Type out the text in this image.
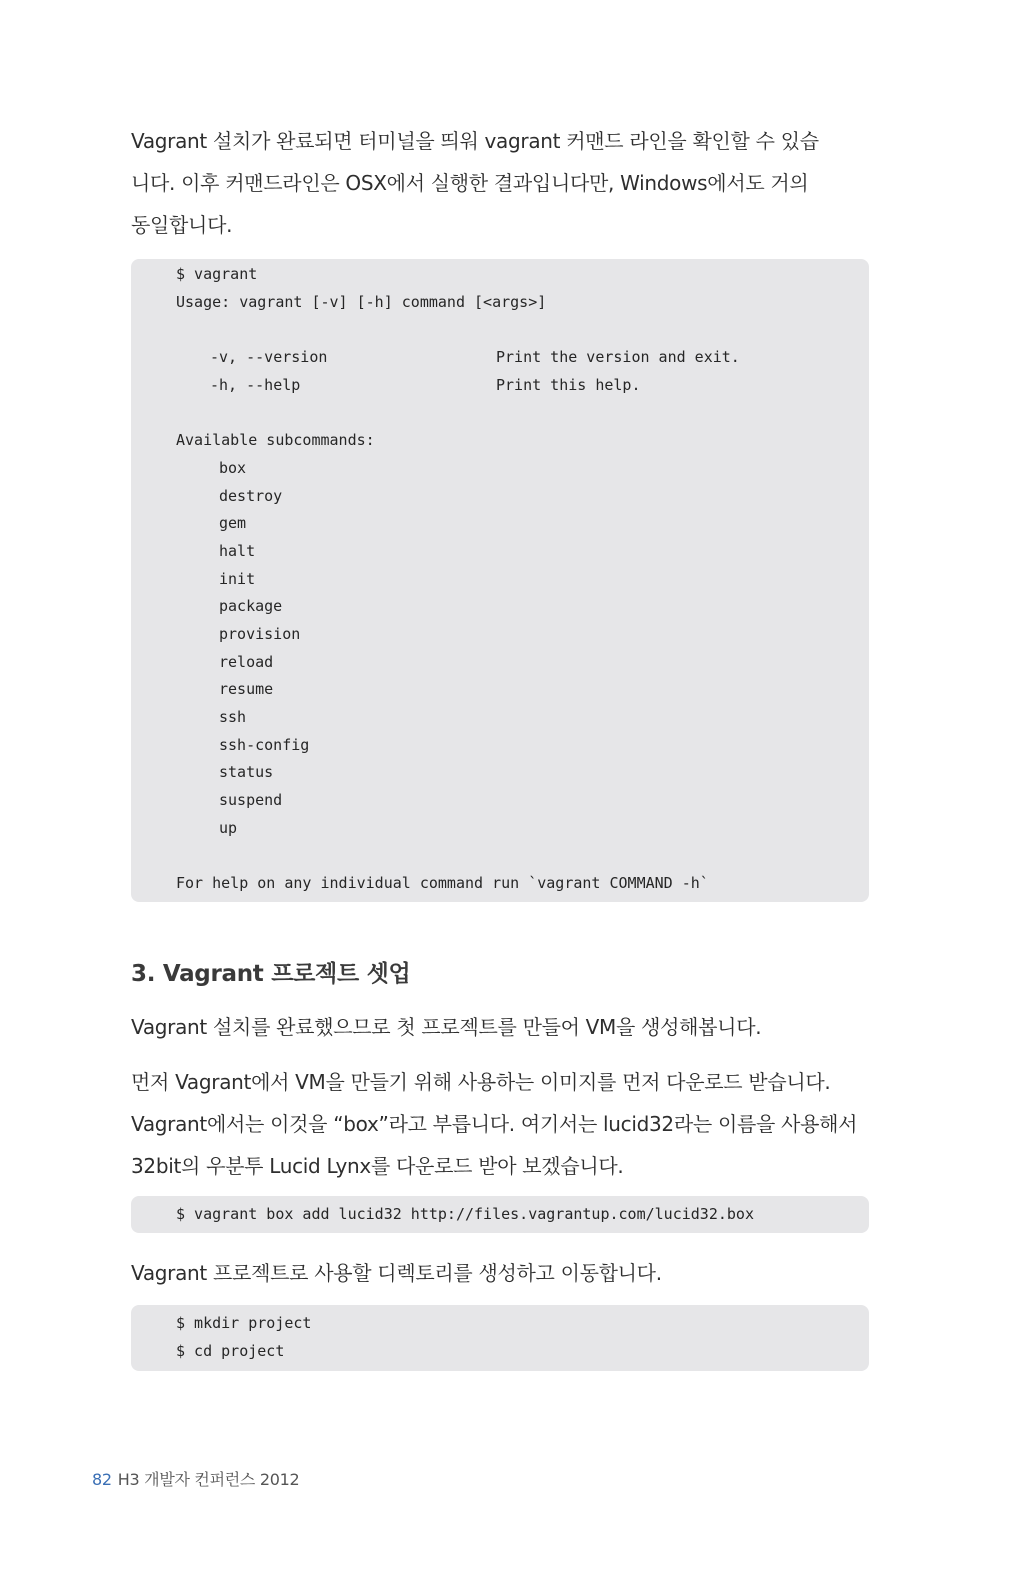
Vagrant 설치가 완료되면 터미널을 띄워 vagrant 커맨드 라인을 확인할 수 있습
니다. 이후 커맨드라인은 OSX에서 실행한 결과입니다만, Windows에서도 거의
동일합니다.

$ vagrant
Usage: vagrant [-v] [-h] command [<args>]

-v, --version	Print the version and exit.
-h, --help	Print this help.

Available subcommands:
box
destroy
gem
halt
init
package
provision
reload
resume
ssh
ssh-config
status
suspend
up

For help on any individual command run `vagrant COMMAND -h`
3. Vagrant 프로젝트 셋업

Vagrant 설치를 완료했으므로 첫 프로젝트를 만들어 VM을 생성해봅니다.

먼저 Vagrant에서 VM을 만들기 위해 사용하는 이미지를 먼저 다운로드 받습니다.
Vagrant에서는 이것을 “box”라고 부릅니다. 여기서는 lucid32라는 이름을 사용해서
32bit의 우분투 Lucid Lynx를 다운로드 받아 보겠습니다.

$ vagrant box add lucid32 http://files.vagrantup.com/lucid32.box

Vagrant 프로젝트로 사용할 디렉토리를 생성하고 이동합니다.

$ mkdir project
$ cd project
82 H3 개발자 컨퍼런스 2012
